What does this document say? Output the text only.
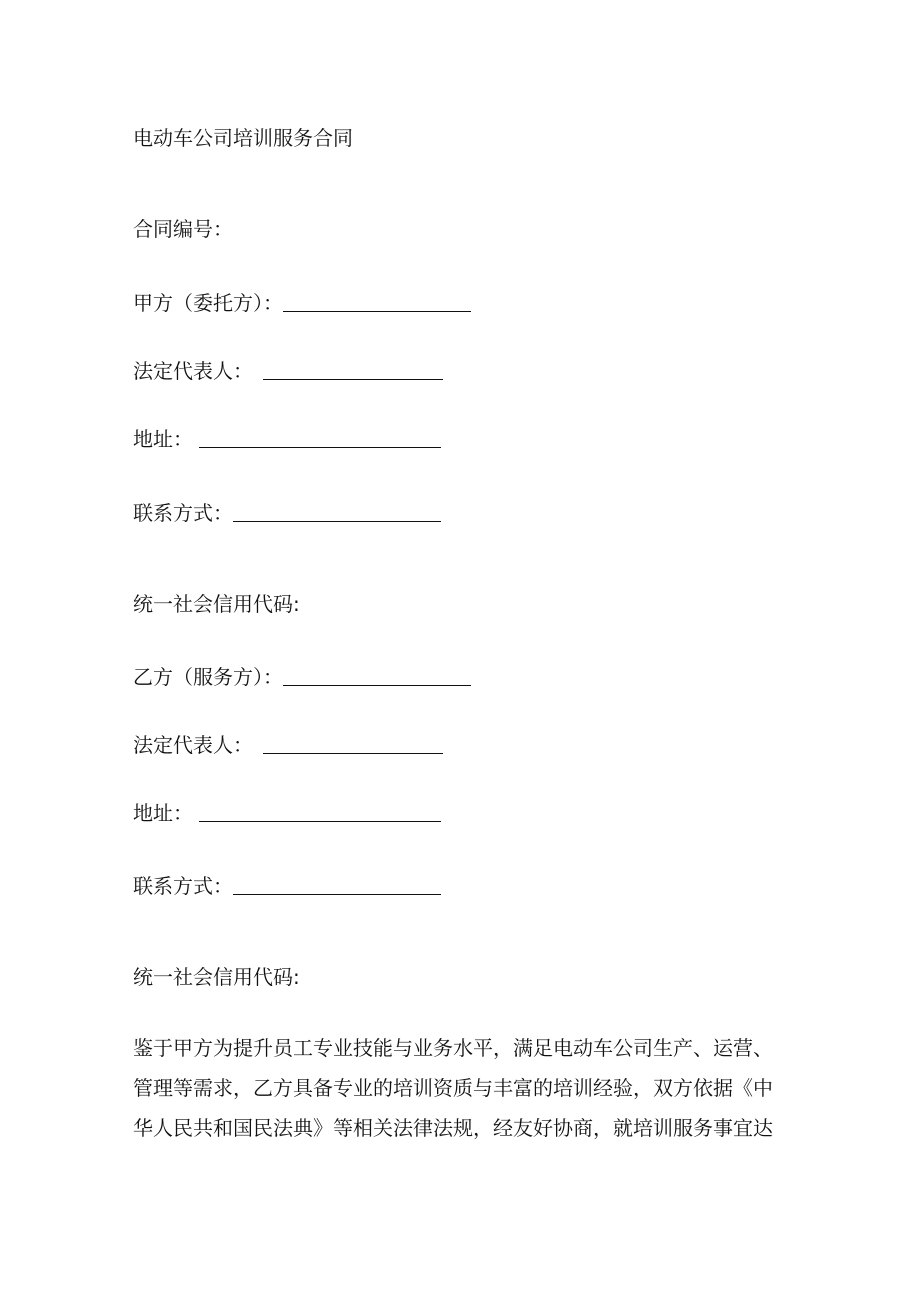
电动车公司培训服务合同
合同编号：
甲方（委托方）：
法定代表人：
地址：
联系方式：
统一社会信用代码:
乙方（服务方）：
法定代表人：
地址：
联系方式：
统一社会信用代码:
鉴于甲方为提升员工专业技能与业务水平，满足电动车公司生产、运营、
管理等需求，乙方具备专业的培训资质与丰富的培训经验，双方依据《中
华人民共和国民法典》等相关法律法规，经友好协商，就培训服务事宜达
